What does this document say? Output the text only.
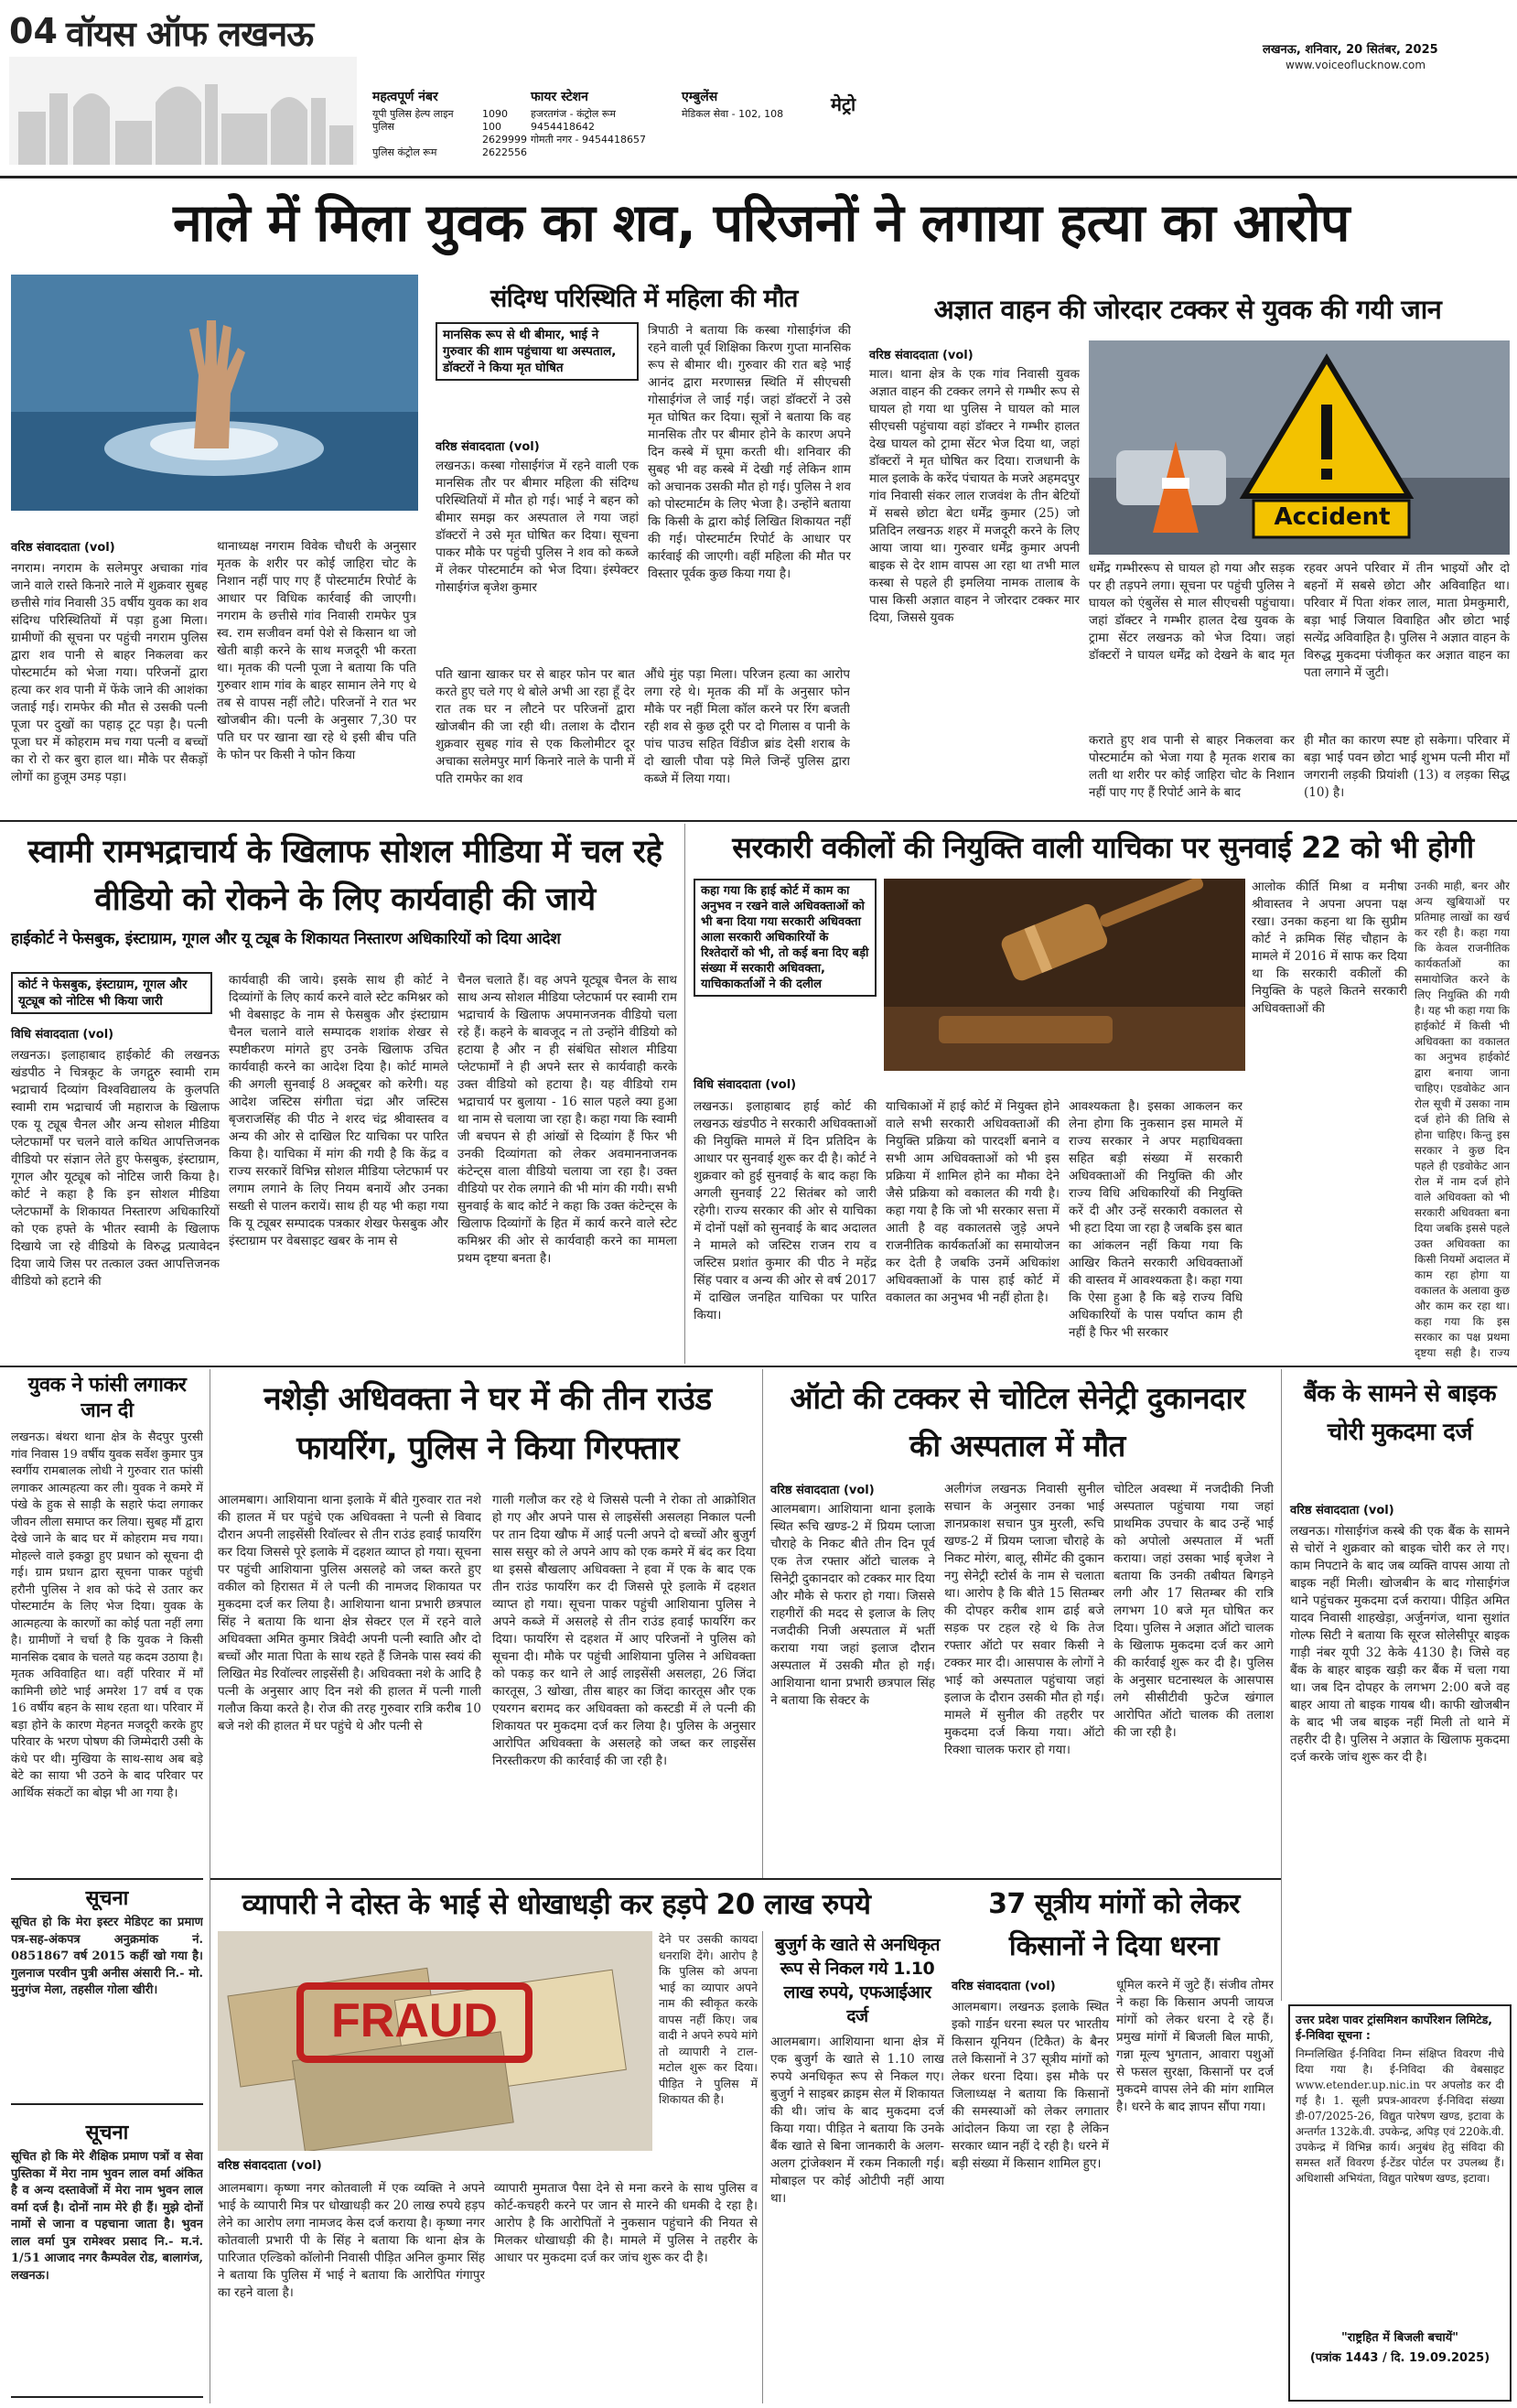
04 वॉयस ऑफ लखनऊ	लखनऊ, शनिवार, 20 सितंबर, 2025
www.voiceoflucknow.com
मेट्रो
महत्वपूर्ण नंबर
यूपी पुलिस हेल्प लाइन	1090
पुलिस	100
2629999
पुलिस कंट्रोल रूम	2622556
फायर स्टेशन
हजरतगंज - कंट्रोल रूम
9454418642
गोमती नगर - 9454418657
एम्बुलेंस
मेडिकल सेवा - 102, 108
नाले में मिला युवक का शव, परिजनों ने लगाया हत्या का आरोप
वरिष्ठ संवाददाता (vol)
नगराम। नगराम के सलेमपुर अचाका गांव जाने वाले रास्ते किनारे नाले में शुक्रवार सुबह छत्तीसे गांव निवासी 35 वर्षीय युवक का शव संदिग्ध परिस्थितियों में पड़ा हुआ मिला। ग्रामीणों की सूचना पर पहुंची नगराम पुलिस द्वारा शव पानी से बाहर निकलवा कर पोस्टमार्टम को भेजा गया। परिजनों द्वारा हत्या कर शव पानी में फेंके जाने की आशंका जताई गई। रामफेर की मौत से उसकी पत्नी पूजा पर दुखों का पहाड़ टूट पड़ा है। पत्नी पूजा घर में कोहराम मच गया पत्नी व बच्चों का रो रो कर बुरा हाल था। मौके पर सैकड़ों लोगों का हुजूम उमड़ पड़ा।
थानाध्यक्ष नगराम विवेक चौधरी के अनुसार मृतक के शरीर पर कोई जाहिरा चोट के निशान नहीं पाए गए हैं पोस्टमार्टम रिपोर्ट के आधार पर विधिक कार्रवाई की जाएगी। नगराम के छत्तीसे गांव निवासी रामफेर पुत्र स्व. राम सजीवन वर्मा पेशे से किसान था जो खेती बाड़ी करने के साथ मजदूरी भी करता था। मृतक की पत्नी पूजा ने बताया कि पति गुरुवार शाम गांव के बाहर सामान लेने गए थे तब से वापस नहीं लौटे। परिजनों ने रात भर खोजबीन की। पत्नी के अनुसार 7,30 पर पति घर पर खाना खा रहे थे इसी बीच पति के फोन पर किसी ने फोन किया
पति खाना खाकर घर से बाहर फोन पर बात करते हुए चले गए थे बोले अभी आ रहा हूँ देर रात तक घर न लौटने पर परिजनों द्वारा खोजबीन की जा रही थी। तलाश के दौरान शुक्रवार सुबह गांव से एक किलोमीटर दूर अचाका सलेमपुर मार्ग किनारे नाले के पानी में पति रामफेर का शव
औंधे मुंह पड़ा मिला। परिजन हत्या का आरोप लगा रहे थे। मृतक की माँ के अनुसार फोन मौके पर नहीं मिला कॉल करने पर रिंग बजती रही शव से कुछ दूरी पर दो गिलास व पानी के पांच पाउच सहित विंडीज ब्रांड देसी शराब के दो खाली पौवा पड़े मिले जिन्हें पुलिस द्वारा कब्जे में लिया गया।
संदिग्ध परिस्थिति में महिला की मौत
मानसिक रूप से थी बीमार, भाई ने गुरुवार की शाम पहुंचाया था अस्पताल, डॉक्टरों ने किया मृत घोषित
वरिष्ठ संवाददाता (vol)
लखनऊ। कस्बा गोसाईगंज में रहने वाली एक मानसिक तौर पर बीमार महिला की संदिग्ध परिस्थितियों में मौत हो गई। भाई ने बहन को बीमार समझ कर अस्पताल ले गया जहां डॉक्टरों ने उसे मृत घोषित कर दिया। सूचना पाकर मौके पर पहुंची पुलिस ने शव को कब्जे में लेकर पोस्टमार्टम को भेज दिया। इंस्पेक्टर गोसाईगंज बृजेश कुमार
त्रिपाठी ने बताया कि कस्बा गोसाईगंज की रहने वाली पूर्व शिक्षिका किरण गुप्ता मानसिक रूप से बीमार थी। गुरुवार की रात बड़े भाई आनंद द्वारा मरणासन्न स्थिति में सीएचसी गोसाईगंज ले जाई गई। जहां डॉक्टरों ने उसे मृत घोषित कर दिया। सूत्रों ने बताया कि वह मानसिक तौर पर बीमार होने के कारण अपने दिन कस्बे में घूमा करती थी। शनिवार की सुबह भी वह कस्बे में देखी गई लेकिन शाम को अचानक उसकी मौत हो गई। पुलिस ने शव को पोस्टमार्टम के लिए भेजा है। उन्होंने बताया कि किसी के द्वारा कोई लिखित शिकायत नहीं की गई। पोस्टमार्टम रिपोर्ट के आधार पर कार्रवाई की जाएगी। वहीं महिला की मौत पर विस्तार पूर्वक कुछ किया गया है।
अज्ञात वाहन की जोरदार टक्कर से युवक की गयी जान
वरिष्ठ संवाददाता (vol)
माल। थाना क्षेत्र के एक गांव निवासी युवक अज्ञात वाहन की टक्कर लगने से गम्भीर रूप से घायल हो गया था पुलिस ने घायल को माल सीएचसी पहुंचाया वहां डॉक्टर ने गम्भीर हालत देख घायल को ट्रामा सेंटर भेज दिया था, जहां डॉक्टरों ने मृत घोषित कर दिया। राजधानी के माल इलाके के करेंद पंचायत के मजरे अहमदपुर गांव निवासी संकर लाल राजवंश के तीन बेटियों में सबसे छोटा बेटा धर्मेंद्र कुमार (25) जो प्रतिदिन लखनऊ शहर में मजदूरी करने के लिए आया जाया था। गुरुवार धर्मेंद्र कुमार अपनी बाइक से देर शाम वापस आ रहा था तभी माल कस्बा से पहले ही इमलिया नामक तालाब के पास किसी अज्ञात वाहन ने जोरदार टक्कर मार दिया, जिससे युवक
Accident
धर्मेंद्र गम्भीररूप से घायल हो गया और सड़क पर ही तड़पने लगा। सूचना पर पहुंची पुलिस ने घायल को एंबुलेंस से माल सीएचसी पहुंचाया। जहां डॉक्टर ने गम्भीर हालत देख युवक के ट्रामा सेंटर लखनऊ को भेज दिया। जहां डॉक्टरों ने घायल धर्मेंद्र को देखने के बाद मृत
रहवर अपने परिवार में तीन भाइयों और दो बहनों में सबसे छोटा और अविवाहित था। परिवार में पिता शंकर लाल, माता प्रेमकुमारी, बड़ा भाई जियाल विवाहित और छोटा भाई सत्येंद्र अविवाहित है। पुलिस ने अज्ञात वाहन के विरुद्ध मुकदमा पंजीकृत कर अज्ञात वाहन का पता लगाने में जुटी।
कराते हुए शव पानी से बाहर निकलवा कर पोस्टमार्टम को भेजा गया है मृतक शराब का लती था शरीर पर कोई जाहिरा चोट के निशान नहीं पाए गए हैं रिपोर्ट आने के बाद
ही मौत का कारण स्पष्ट हो सकेगा। परिवार में बड़ा भाई पवन छोटा भाई शुभम पत्नी मीरा माँ जगरानी लड़की प्रियांशी (13) व लड़का सिद्ध (10) है।
स्वामी रामभद्राचार्य के खिलाफ सोशल मीडिया में चल रहे वीडियो को रोकने के लिए कार्यवाही की जाये
हाईकोर्ट ने फेसबुक, इंस्टाग्राम, गूगल और यू ट्यूब के शिकायत निस्तारण अधिकारियों को दिया आदेश
कोर्ट ने फेसबुक, इंस्टाग्राम, गूगल और यूट्यूब को नोटिस भी किया जारी
विधि संवाददाता (vol)
लखनऊ। इलाहाबाद हाईकोर्ट की लखनऊ खंडपीठ ने चित्रकूट के जगद्गुरु स्वामी राम भद्राचार्य दिव्यांग विश्वविद्यालय के कुलपति स्वामी राम भद्राचार्य जी महाराज के खिलाफ एक यू ट्यूब चैनल और अन्य सोशल मीडिया प्लेटफार्मों पर चलने वाले कथित आपत्तिजनक वीडियो पर संज्ञान लेते हुए फेसबुक, इंस्टाग्राम, गूगल और यूट्यूब को नोटिस जारी किया है। कोर्ट ने कहा है कि इन सोशल मीडिया प्लेटफार्मों के शिकायत निस्तारण अधिकारियों को एक हफ्ते के भीतर स्वामी के खिलाफ दिखाये जा रहे वीडियो के विरुद्ध प्रत्यावेदन दिया जाये जिस पर तत्काल उक्त आपत्तिजनक वीडियो को हटाने की
कार्यवाही की जाये। इसके साथ ही कोर्ट ने दिव्यांगों के लिए कार्य करने वाले स्टेट कमिश्नर को भी वेबसाइट के नाम से फेसबुक और इंस्टाग्राम चैनल चलाने वाले सम्पादक शशांक शेखर से स्पष्टीकरण मांगते हुए उनके खिलाफ उचित कार्यवाही करने का आदेश दिया है। कोर्ट मामले की अगली सुनवाई 8 अक्टूबर को करेगी। यह आदेश जस्टिस संगीता चंद्रा और जस्टिस बृजराजसिंह की पीठ ने शरद चंद्र श्रीवास्तव व अन्य की ओर से दाखिल रिट याचिका पर पारित किया है। याचिका में मांग की गयी है कि केंद्र व राज्य सरकारें विभिन्न सोशल मीडिया प्लेटफार्म पर लगाम लगाने के लिए नियम बनायें और उनका सख्ती से पालन करायें। साथ ही यह भी कहा गया कि यू ट्यूबर सम्पादक पत्रकार शेखर फेसबुक और इंस्टाग्राम पर वेबसाइट खबर के नाम से
चैनल चलाते हैं। वह अपने यूट्यूब चैनल के साथ साथ अन्य सोशल मीडिया प्लेटफार्म पर स्वामी राम भद्राचार्य के खिलाफ अपमानजनक वीडियो चला रहे हैं। कहने के बावजूद न तो उन्होंने वीडियो को हटाया है और न ही संबंधित सोशल मीडिया प्लेटफार्मों ने ही अपने स्तर से कार्यवाही करके उक्त वीडियो को हटाया है। यह वीडियो राम भद्राचार्य पर बुलाया - 16 साल पहले क्या हुआ था नाम से चलाया जा रहा है। कहा गया कि स्वामी जी बचपन से ही आंखों से दिव्यांग हैं फिर भी उनकी दिव्यांगता को लेकर अवमाननाजनक कंटेन्ट्स वाला वीडियो चलाया जा रहा है। उक्त वीडियो पर रोक लगाने की भी मांग की गयी। सभी सुनवाई के बाद कोर्ट ने कहा कि उक्त कंटेन्ट्स के खिलाफ दिव्यांगों के हित में कार्य करने वाले स्टेट कमिश्नर की ओर से कार्यवाही करने का मामला प्रथम दृष्टया बनता है।
सरकारी वकीलों की नियुक्ति वाली याचिका पर सुनवाई 22 को भी होगी
कहा गया कि हाई कोर्ट में काम का अनुभव न रखने वाले अधिवक्ताओं को भी बना दिया गया सरकारी अधिवक्ता
आला सरकारी अधिकारियों के रिश्तेदारों को भी, तो कई बना दिए बड़ी संख्या में सरकारी अधिवक्ता, याचिकाकर्ताओं ने की दलील
विधि संवाददाता (vol)
लखनऊ। इलाहाबाद हाई कोर्ट की लखनऊ खंडपीठ ने सरकारी अधिवक्ताओं की नियुक्ति मामले में दिन प्रतिदिन के आधार पर सुनवाई शुरू कर दी है। कोर्ट ने शुक्रवार को हुई सुनवाई के बाद कहा कि अगली सुनवाई 22 सितंबर को जारी रहेगी। राज्य सरकार की ओर से याचिका में दोनों पक्षों को सुनवाई के बाद अदालत ने मामले को जस्टिस राजन राय व जस्टिस प्रशांत कुमार की पीठ ने महेंद्र सिंह पवार व अन्य की ओर से वर्ष 2017 में दाखिल जनहित याचिका पर पारित किया।
याचिकाओं में हाई कोर्ट में नियुक्त होने वाले सभी सरकारी अधिवक्ताओं की नियुक्ति प्रक्रिया को पारदर्शी बनाने व सभी आम अधिवक्ताओं को भी इस प्रक्रिया में शामिल होने का मौका देने जैसे प्रक्रिया को वकालत की गयी है। कहा गया है कि जो भी सरकार सत्ता में आती है वह वकालतसे जुड़े अपने राजनीतिक कार्यकर्ताओं का समायोजन कर देती है जबकि उनमें अधिकांश अधिवक्ताओं के पास हाई कोर्ट में वकालत का अनुभव भी नहीं होता है।
आवश्यकता है। इसका आकलन कर लेना होगा कि नुकसान इस मामले में राज्य सरकार ने अपर महाधिवक्ता सहित बड़ी संख्या में सरकारी अधिवक्ताओं की नियुक्ति की और राज्य विधि अधिकारियों की नियुक्ति करें दी और उन्हें सरकारी वकालत से भी हटा दिया जा रहा है जबकि इस बात का आंकलन नहीं किया गया कि आखिर कितने सरकारी अधिवक्ताओं की वास्तव में आवश्यकता है। कहा गया कि ऐसा हुआ है कि बड़े राज्य विधि अधिकारियों के पास पर्याप्त काम ही नहीं है फिर भी सरकार
आलोक कीर्ति मिश्रा व मनीषा श्रीवास्तव ने अपना अपना पक्ष रखा। उनका कहना था कि सुप्रीम कोर्ट ने क्रमिक सिंह चौहान के मामले में 2016 में साफ कर दिया था कि सरकारी वकीलों की नियुक्ति के पहले कितने सरकारी अधिवक्ताओं की
उनकी माही, बनर और अन्य खुबियाओं पर प्रतिमाह लाखों का खर्च कर रही है। कहा गया कि केवल राजनीतिक कार्यकर्ताओं का समायोजित करने के लिए नियुक्ति की गयी है। यह भी कहा गया कि हाईकोर्ट में किसी भी अधिवक्ता का वकालत का अनुभव हाईकोर्ट द्वारा बनाया जाना चाहिए। एडवोकेट आन रोल सूची में उसका नाम दर्ज होने की तिथि से होना चाहिए। किन्तु इस सरकार ने कुछ दिन पहले ही एडवोकेट आन रोल में नाम दर्ज होने वाले अधिवक्ता को भी सरकारी अधिवक्ता बना दिया जबकि इससे पहले उक्त अधिवक्ता का किसी नियमों अदालत में काम रहा होगा या वकालत के अलावा कुछ और काम कर रहा था। कहा गया कि इस सरकार का पक्ष प्रथमा दृष्टया सही है। राज्य
युवक ने फांसी लगाकर जान दी
लखनऊ। बंथरा थाना क्षेत्र के सैदपुर पुरसी गांव निवास 19 वर्षीय युवक सर्वेश कुमार पुत्र स्वर्गीय रामबालक लोधी ने गुरुवार रात फांसी लगाकर आत्महत्या कर ली। युवक ने कमरे में पंखे के हुक से साड़ी के सहारे फंदा लगाकर जीवन लीला समाप्त कर लिया। सुबह मौं द्वारा देखे जाने के बाद घर में कोहराम मच गया। मोहल्ले वाले इकठ्ठा हुए प्रधान को सूचना दी गई। ग्राम प्रधान द्वारा सूचना पाकर पहुंची हरौनी पुलिस ने शव को फंदे से उतार कर पोस्टमार्टम के लिए भेज दिया। युवक के आत्महत्या के कारणों का कोई पता नहीं लगा है। ग्रामीणों ने चर्चा है कि युवक ने किसी मानसिक दबाव के चलते यह कदम उठाया है। मृतक अविवाहित था। वहीं परिवार में माँ कामिनी छोटे भाई अमरेश 17 वर्ष व एक 16 वर्षीय बहन के साथ रहता था। परिवार में बड़ा होने के कारण मेहनत मजदूरी करके हुए परिवार के भरण पोषण की जिम्मेदारी उसी के कंधे पर थी। मुखिया के साथ-साथ अब बड़े बेटे का साया भी उठने के बाद परिवार पर आर्थिक संकटों का बोझ भी आ गया है।
सूचना
सूचित हो कि मेरा इस्टर मेडिएट का प्रमाण पत्र-सह-अंकपत्र अनुक्रमांक नं. 0851867 वर्ष 2015 कहीं खो गया है। गुलनाज परवीन पुत्री अनीस अंसारी नि.- मो. मुनुगंज मेला, तहसील गोला खीरी।
सूचना
सूचित हो कि मेरे शैक्षिक प्रमाण पत्रों व सेवा पुस्तिका में मेरा नाम भुवन लाल वर्मा अंकित है व अन्य दस्तावेजों में मेरा नाम भुवन लाल वर्मा दर्ज है। दोनों नाम मेरे ही हैं। मुझे दोनों नामों से जाना व पहचाना जाता है। भुवन लाल वर्मा पुत्र रामेश्वर प्रसाद नि.- म.नं. 1/51 आजाद नगर कैम्पवेल रोड, बालागंज, लखनऊ।
नशेड़ी अधिवक्ता ने घर में की तीन राउंड फायरिंग, पुलिस ने किया गिरफ्तार
आलमबाग। आशियाना थाना इलाके में बीते गुरुवार रात नशे की हालत में घर पहुंचे एक अधिवक्ता ने पत्नी से विवाद दौरान अपनी लाइसेंसी रिवॉल्वर से तीन राउंड हवाई फायरिंग कर दिया जिससे पूरे इलाके में दहशत व्याप्त हो गया। सूचना पर पहुंची आशियाना पुलिस असलहे को जब्त करते हुए वकील को हिरासत में ले पत्नी की नामजद शिकायत पर मुकदमा दर्ज कर लिया है। आशियाना थाना प्रभारी छत्रपाल सिंह ने बताया कि थाना क्षेत्र सेक्टर एल में रहने वाले अधिवक्ता अमित कुमार त्रिवेदी अपनी पत्नी स्वाति और दो बच्चों और माता पिता के साथ रहते हैं जिनके पास स्वयं की लिखित मेड रिवॉल्वर लाइसेंसी है। अधिवक्ता नशे के आदि है पत्नी के अनुसार आए दिन नशे की हालत में पत्नी गाली गलौज किया करते है। रोज की तरह गुरुवार रात्रि करीब 10 बजे नशे की हालत में घर पहुंचे थे और पत्नी से
गाली गलौज कर रहे थे जिससे पत्नी ने रोका तो आक्रोशित हो गए और अपने पास से लाइसेंसी असलहा निकाल पत्नी पर तान दिया खौफ में आई पत्नी अपने दो बच्चों और बुजुर्ग सास ससुर को ले अपने आप को एक कमरे में बंद कर दिया था इससे बौखलाए अधिवक्ता ने हवा में एक के बाद एक तीन राउंड फायरिंग कर दी जिससे पूरे इलाके में दहशत व्याप्त हो गया। सूचना पाकर पहुंची आशियाना पुलिस ने अपने कब्जे में असलहे से तीन राउंड हवाई फायरिंग कर दिया। फायरिंग से दहशत में आए परिजनों ने पुलिस को सूचना दी। मौके पर पहुंची आशियाना पुलिस ने अधिवक्ता को पकड़ कर थाने ले आई लाइसेंसी असलहा, 26 जिंदा कारतूस, 3 खोखा, तीस बाहर का जिंदा कारतूस और एक एयरगन बरामद कर अधिवक्ता को कस्टडी में ले पत्नी की शिकायत पर मुकदमा दर्ज कर लिया है। पुलिस के अनुसार आरोपित अधिवक्ता के असलहे को जब्त कर लाइसेंस निरस्तीकरण की कार्रवाई की जा रही है।
ऑटो की टक्कर से चोटिल सेनेट्री दुकानदार की अस्पताल में मौत
वरिष्ठ संवाददाता (vol)
आलमबाग। आशियाना थाना इलाके स्थित रूचि खण्ड-2 में प्रियम प्लाजा चौराहे के निकट बीते तीन दिन पूर्व एक तेज रफ्तार ऑटो चालक ने सिनेट्री दुकानदार को टक्कर मार दिया और मौके से फरार हो गया। जिससे राहगीरों की मदद से इलाज के लिए नजदीकी निजी अस्पताल में भर्ती कराया गया जहां इलाज दौरान अस्पताल में उसकी मौत हो गई। आशियाना थाना प्रभारी छत्रपाल सिंह ने बताया कि सेक्टर के
अलीगंज लखनऊ निवासी सुनील सचान के अनुसार उनका भाई ज्ञानप्रकाश सचान पुत्र मुरली, रूचि खण्ड-2 में प्रियम प्लाजा चौराहे के निकट मोरंग, बालू, सीमेंट की दुकान नगु सेनेट्री स्टोर्स के नाम से चलाता था। आरोप है कि बीते 15 सितम्बर की दोपहर करीब शाम ढाई बजे सड़क पर टहल रहे थे कि तेज रफ्तार ऑटो पर सवार किसी ने टक्कर मार दी। आसपास के लोगों ने भाई को अस्पताल पहुंचाया जहां इलाज के दौरान उसकी मौत हो गई। मामले में सुनील की तहरीर पर मुकदमा दर्ज किया गया। ऑटो रिक्शा चालक फरार हो गया।
चोटिल अवस्था में नजदीकी निजी अस्पताल पहुंचाया गया जहां प्राथमिक उपचार के बाद उन्हें भाई को अपोलो अस्पताल में भर्ती कराया। जहां उसका भाई बृजेश ने बताया कि उनकी तबीयत बिगड़ने लगी और 17 सितम्बर की रात्रि लगभग 10 बजे मृत घोषित कर दिया। पुलिस ने अज्ञात ऑटो चालक के खिलाफ मुकदमा दर्ज कर आगे की कार्रवाई शुरू कर दी है। पुलिस के अनुसार घटनास्थल के आसपास लगे सीसीटीवी फुटेज खंगाल आरोपित ऑटो चालक की तलाश की जा रही है।
बैंक के सामने से बाइक चोरी मुकदमा दर्ज
वरिष्ठ संवाददाता (vol)
लखनऊ। गोसाईगंज कस्बे की एक बैंक के सामने से चोरों ने शुक्रवार को बाइक चोरी कर ले गए। काम निपटाने के बाद जब व्यक्ति वापस आया तो बाइक नहीं मिली। खोजबीन के बाद गोसाईगंज थाने पहुंचकर मुकदमा दर्ज कराया। पीड़ित अमित यादव निवासी शाहखेड़ा, अर्जुनगंज, थाना सुशांत गोल्फ सिटी ने बताया कि सूरज सोलेसीपूर बाइक गाड़ी नंबर यूपी 32 केके 4130 है। जिसे वह बैंक के बाहर बाइक खड़ी कर बैंक में चला गया था। जब दिन दोपहर के लगभग 2:00 बजे वह बाहर आया तो बाइक गायब थी। काफी खोजबीन के बाद भी जब बाइक नहीं मिली तो थाने में तहरीर दी है। पुलिस ने अज्ञात के खिलाफ मुकदमा दर्ज करके जांच शुरू कर दी है।
व्यापारी ने दोस्त के भाई से धोखाधड़ी कर हड़पे 20 लाख रुपये
FRAUD
देने पर उसकी कायदा धनराशि देंगे। आरोप है कि पुलिस को अपना भाई का व्यापार अपने नाम की स्वीकृत करके वापस नहीं किए। जब वादी ने अपने रुपये मांगे तो व्यापारी ने टाल-मटोल शुरू कर दिया। पीड़ित ने पुलिस में शिकायत की है।
वरिष्ठ संवाददाता (vol)
आलमबाग। कृष्णा नगर कोतवाली में एक व्यक्ति ने अपने भाई के व्यापारी मित्र पर धोखाधड़ी कर 20 लाख रुपये हड़प लेने का आरोप लगा नामजद केस दर्ज कराया है। कृष्णा नगर कोतवाली प्रभारी पी के सिंह ने बताया कि थाना क्षेत्र के पारिजात एल्डिको कॉलोनी निवासी पीड़ित अनिल कुमार सिंह ने बताया कि पुलिस में भाई ने बताया कि आरोपित गंगापुर का रहने वाला है।
व्यापारी मुमताज पैसा देने से मना करने के साथ पुलिस व कोर्ट-कचहरी करने पर जान से मारने की धमकी दे रहा है। आरोप है कि आरोपितों ने नुकसान पहुंचाने की नियत से मिलकर धोखाधड़ी की है। मामले में पुलिस ने तहरीर के आधार पर मुकदमा दर्ज कर जांच शुरू कर दी है।
बुजुर्ग के खाते से अनधिकृत रूप से निकल गये 1.10 लाख रुपये, एफआईआर दर्ज
आलमबाग। आशियाना थाना क्षेत्र में एक बुजुर्ग के खाते से 1.10 लाख रुपये अनधिकृत रूप से निकल गए। बुजुर्ग ने साइबर क्राइम सेल में शिकायत की थी। जांच के बाद मुकदमा दर्ज किया गया। पीड़ित ने बताया कि उनके बैंक खाते से बिना जानकारी के अलग-अलग ट्रांजेक्शन में रकम निकाली गई। मोबाइल पर कोई ओटीपी नहीं आया था।
37 सूत्रीय मांगों को लेकर किसानों ने दिया धरना
वरिष्ठ संवाददाता (vol)
आलमबाग। लखनऊ इलाके स्थित इको गार्डन धरना स्थल पर भारतीय किसान यूनियन (टिकैत) के बैनर तले किसानों ने 37 सूत्रीय मांगों को लेकर धरना दिया। इस मौके पर जिलाध्यक्ष ने बताया कि किसानों की समस्याओं को लेकर लगातार आंदोलन किया जा रहा है लेकिन सरकार ध्यान नहीं दे रही है। धरने में बड़ी संख्या में किसान शामिल हुए।
धूमिल करने में जुटे हैं। संजीव तोमर ने कहा कि किसान अपनी जायज मांगों को लेकर धरना दे रहे हैं। प्रमुख मांगों में बिजली बिल माफी, गन्ना मूल्य भुगतान, आवारा पशुओं से फसल सुरक्षा, किसानों पर दर्ज मुकदमे वापस लेने की मांग शामिल है। धरने के बाद ज्ञापन सौंपा गया।
उत्तर प्रदेश पावर ट्रांसमिशन कार्पोरेशन लिमिटेड, ई-निविदा सूचना :
निम्नलिखित ई-निविदा निम्न संक्षिप्त विवरण नीचे दिया गया है। ई-निविदा की वेबसाइट www.etender.up.nic.in पर अपलोड कर दी गई है। 1. सूली प्रपत्र-आवरण ई-निविदा संख्या डी-07/2025-26, विद्युत पारेषण खण्ड, इटावा के अन्तर्गत 132के.वी. उपकेन्द्र, अपिड़ एवं 220के.वी. उपकेन्द्र में विभिन्न कार्य। अनुबंध हेतु संविदा की समस्त शर्तें विवरण ई-टेंडर पोर्टल पर उपलब्ध हैं। अधिशासी अभियंता, विद्युत पारेषण खण्ड, इटावा।
"राष्ट्रहित में बिजली बचायें"
(पत्रांक 1443 / दि. 19.09.2025)
